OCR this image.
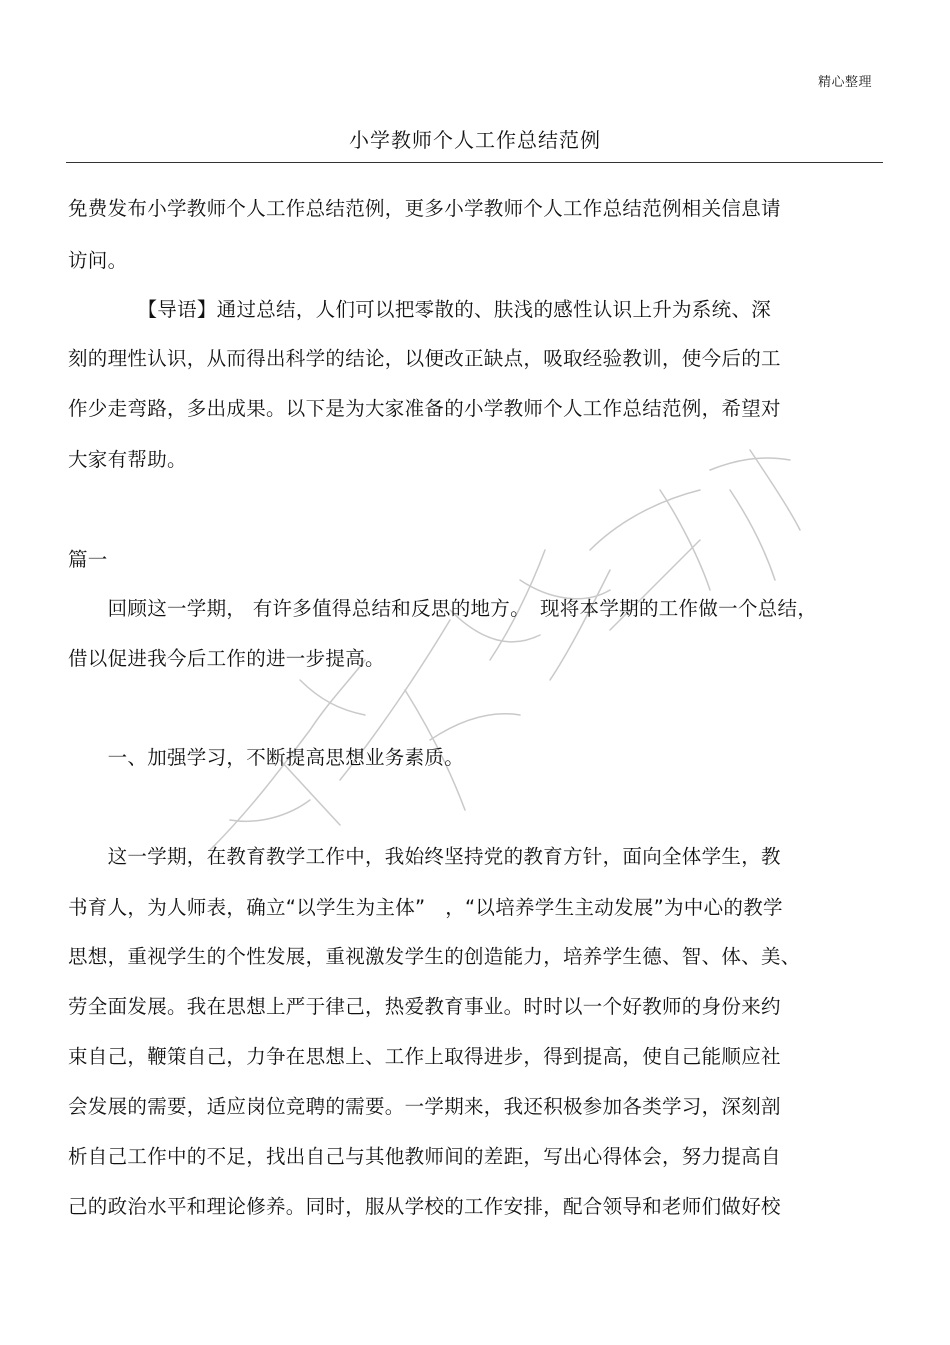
精心整理
小学教师个人工作总结范例
免费发布小学教师个人工作总结范例，更多小学教师个人工作总结范例相关信息请
访问。
　　　　【导语】通过总结，人们可以把零散的、肤浅的感性认识上升为系统、深
刻的理性认识，从而得出科学的结论，以便改正缺点，吸取经验教训，使今后的工
作少走弯路，多出成果。以下是为大家准备的小学教师个人工作总结范例，希望对
大家有帮助。
篇一
　　回顾这一学期， 有许多值得总结和反思的地方。　现将本学期的工作做一个总结，
借以促进我今后工作的进一步提高。
　　一、加强学习，不断提高思想业务素质。
　　这一学期，在教育教学工作中，我始终坚持党的教育方针，面向全体学生，教
书育人，为人师表，确立“以学生为主体”　，“以培养学生主动发展”为中心的教学
思想，重视学生的个性发展，重视激发学生的创造能力，培养学生德、智、体、美、
劳全面发展。我在思想上严于律己，热爱教育事业。时时以一个好教师的身份来约
束自己，鞭策自己，力争在思想上、工作上取得进步，得到提高，使自己能顺应社
会发展的需要，适应岗位竞聘的需要。一学期来，我还积极参加各类学习，深刻剖
析自己工作中的不足，找出自己与其他教师间的差距，写出心得体会，努力提高自
己的政治水平和理论修养。同时，服从学校的工作安排，配合领导和老师们做好校
